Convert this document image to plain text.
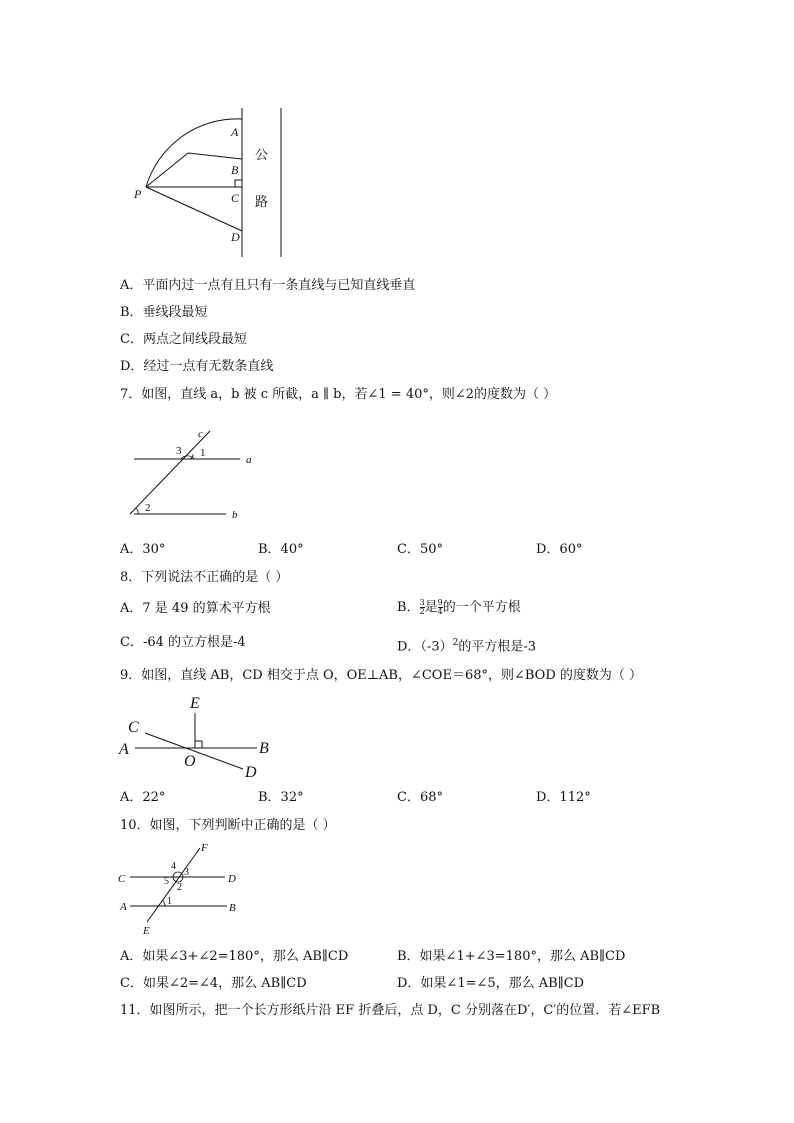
A
B
C
D
P
公
路
A．平面内过一点有且只有一条直线与已知直线垂直
B．垂线段最短
C．两点之间线段最短
D．经过一点有无数条直线
7．如图，直线 a，b 被 c 所截，a ∥ b，若∠1 = 40°，则∠2的度数为（ ）
c
3 1
a
2
b
A．30°	B．40°	C．50°	D．60°
8．下列说法不正确的是（ ）
A．7 是 49 的算术平方根	B． $\frac{3}{2}$ 是 $\frac{9}{4}$ 的一个平方根
C．-64 的立方根是-4	D．$(-3)^2$的平方根是-3
9．如图，直线 AB，CD 相交于点 O，OE⊥AB，∠COE＝68°，则∠BOD 的度数为（ ）
E
C
A	B
O
D
A．22°	B．32°	C．68°	D．112°
10．如图，下列判断中正确的是（ ）
F
4
C	5
3
2
D
1
A	B
E
A．如果∠3+∠2=180°，那么 AB∥CD	B．如果∠1+∠3=180°，那么 AB∥CD
C．如果∠2=∠4，那么 AB∥CD	D．如果∠1=∠5，那么 AB∥CD
11．如图所示，把一个长方形纸片沿 EF 折叠后，点 D，C 分别落在D′，C′的位置．若∠EFB
